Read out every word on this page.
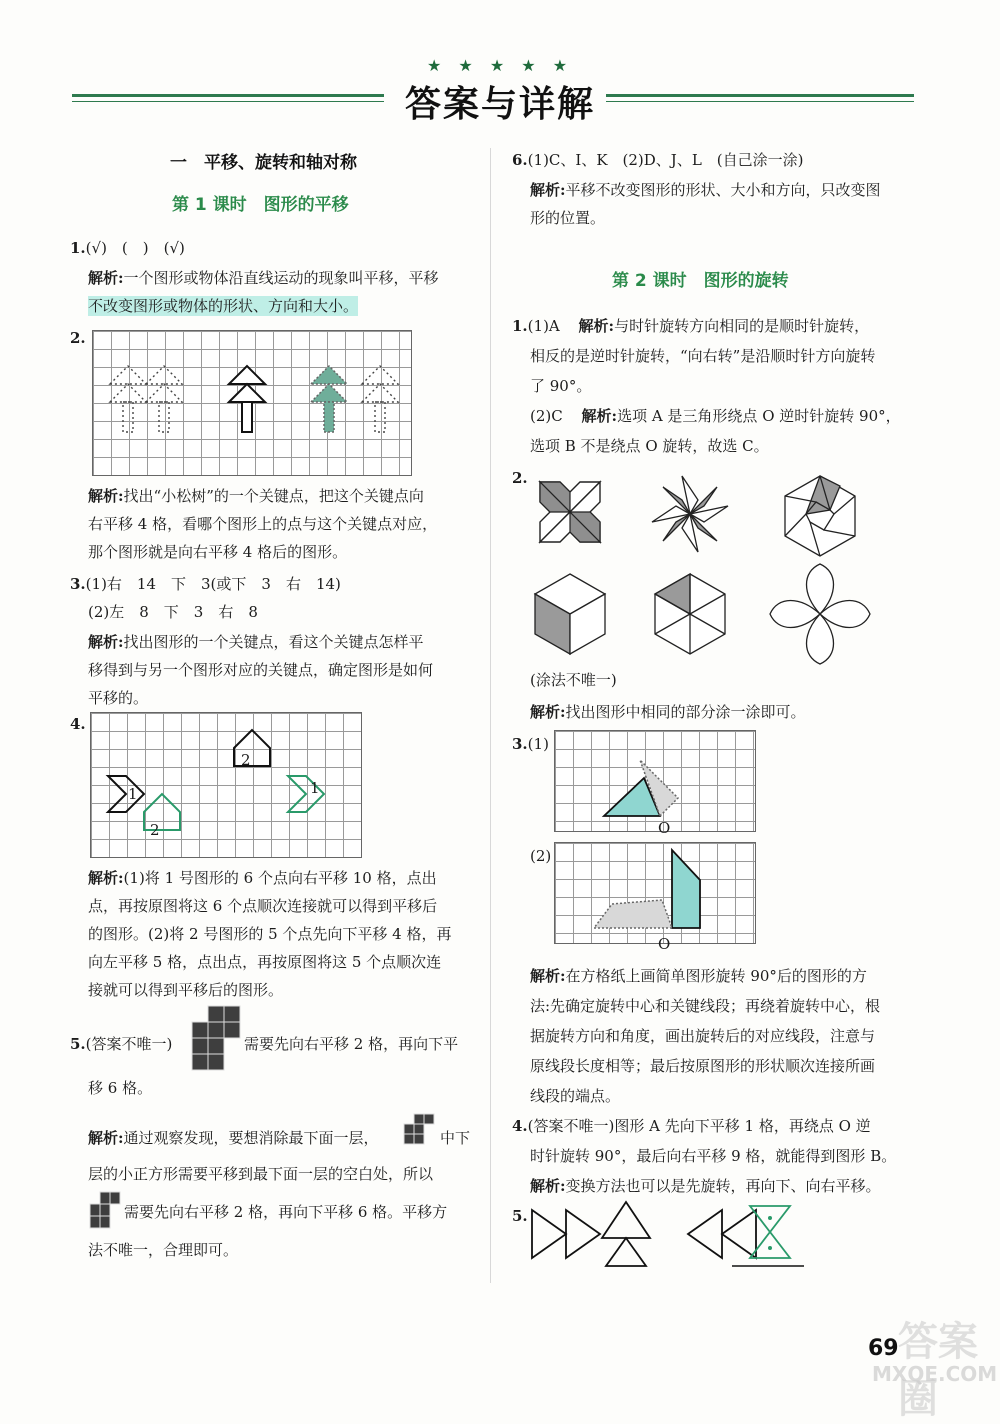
★ ★ ★ ★ ★
答案与详解
一　平移、旋转和轴对称
第 1 课时　图形的平移
1.(√)　(　)　(√)
解析:一个图形或物体沿直线运动的现象叫平移，平移
不改变图形或物体的形状、方向和大小。
2.
解析:找出“小松树”的一个关键点，把这个关键点向
右平移 4 格，看哪个图形上的点与这个关键点对应，
那个图形就是向右平移 4 格后的图形。
3.(1)右　14　下　3(或下　3　右　14)
(2)左　8　下　3　右　8
解析:找出图形的一个关键点，看这个关键点怎样平
移得到与另一个图形对应的关键点，确定图形是如何
平移的。
4.
1	1
2
2
解析:(1)将 1 号图形的 6 个点向右平移 10 格，点出
点，再按原图将这 6 个点顺次连接就可以得到平移后
的图形。(2)将 2 号图形的 5 个点先向下平移 4 格，再
向左平移 5 格，点出点，再按原图将这 5 个点顺次连
接就可以得到平移后的图形。
5.(答案不唯一)	需要先向右平移 2 格，再向下平
移 6 格。
解析:通过观察发现，要想消除最下面一层，	中下
层的小正方形需要平移到最下面一层的空白处，所以
需要先向右平移 2 格，再向下平移 6 格。平移方
法不唯一，合理即可。
6.(1)C、I、K　(2)D、J、L　(自己涂一涂)
解析:平移不改变图形的形状、大小和方向，只改变图
形的位置。
第 2 课时　图形的旋转
1.(1)A 解析:与时针旋转方向相同的是顺时针旋转，
相反的是逆时针旋转，“向右转”是沿顺时针方向旋转
了 90°。
(2)C 解析:选项 A 是三角形绕点 O 逆时针旋转 90°，
选项 B 不是绕点 O 旋转，故选 C。
2.
(涂法不唯一)
解析:找出图形中相同的部分涂一涂即可。
3.(1)
O
(2)
O
解析:在方格纸上画简单图形旋转 90°后的图形的方
法:先确定旋转中心和关键线段；再绕着旋转中心，根
据旋转方向和角度，画出旋转后的对应线段，注意与
原线段长度相等；最后按原图形的形状顺次连接所画
线段的端点。
4.(答案不唯一)图形 A 先向下平移 1 格，再绕点 O 逆
时针旋转 90°，最后向右平移 9 格，就能得到图形 B。
解析:变换方法也可以是先旋转，再向下、向右平移。
5.
69 答案圈
MXQE.COM
